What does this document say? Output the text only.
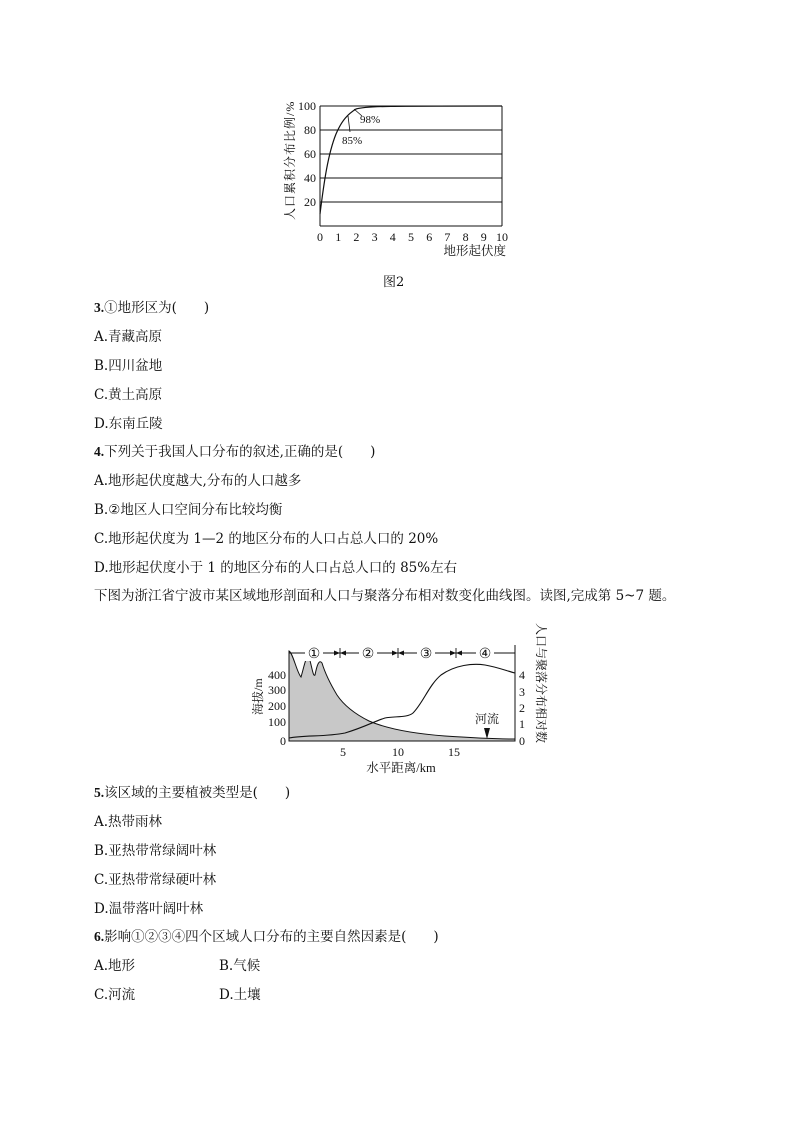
人口累积分布比例/% 100
80
60
40
20
0 1 2 3 4 5 6 7 8 9 10
地形起伏度
98%
85%
图2
3.①地形区为(　　)
A.青藏高原
B.四川盆地
C.黄土高原
D.东南丘陵
4.下列关于我国人口分布的叙述,正确的是(　　)
A.地形起伏度越大,分布的人口越多
B.②地区人口空间分布比较均衡
C.地形起伏度为 1—2 的地区分布的人口占总人口的 20%
D.地形起伏度小于 1 的地区分布的人口占总人口的 85%左右
下图为浙江省宁波市某区域地形剖面和人口与聚落分布相对数变化曲线图。读图,完成第 5~7 题。
海拔/m	人口与聚落分布相对数
400
300
200
100
0
4
3
2
1
0
5	10	15
水平距离/km
①	②	③	④
河流
5.该区域的主要植被类型是(　　)
A.热带雨林
B.亚热带常绿阔叶林
C.亚热带常绿硬叶林
D.温带落叶阔叶林
6.影响①②③④四个区域人口分布的主要自然因素是(　　)
A.地形	B.气候
C.河流	D.土壤
